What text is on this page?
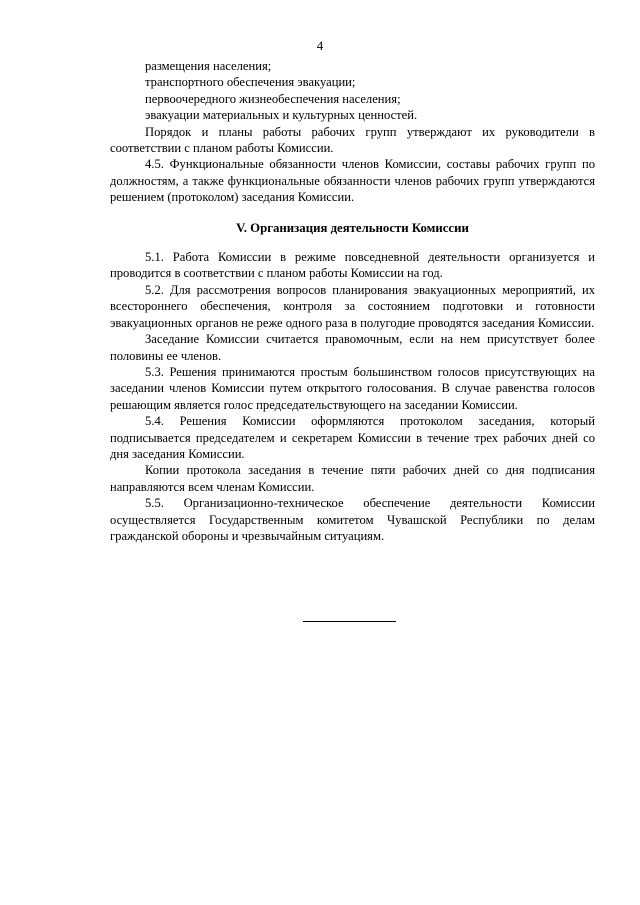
4

размещения населения;

транспортного обеспечения эвакуации;

первоочередного жизнеобеспечения населения;

эвакуации материальных и культурных ценностей.

Порядок и планы работы рабочих групп утверждают их руководители в соответствии с планом работы Комиссии.

4.5. Функциональные обязанности членов Комиссии, составы рабочих групп по должностям, а также функциональные обязанности членов рабочих групп утверждаются решением (протоколом) заседания Комиссии.

V. Организация деятельности Комиссии

5.1. Работа Комиссии в режиме повседневной деятельности организуется и проводится в соответствии с планом работы Комиссии на год.

5.2. Для рассмотрения вопросов планирования эвакуационных мероприятий, их всестороннего обеспечения, контроля за состоянием подготовки и готовности эвакуационных органов не реже одного раза в полугодие проводятся заседания Комиссии.

Заседание Комиссии считается правомочным, если на нем присутствует более половины ее членов.

5.3. Решения принимаются простым большинством голосов присутствующих на заседании членов Комиссии путем открытого голосования. В случае равенства голосов решающим является голос председательствующего на заседании Комиссии.

5.4. Решения Комиссии оформляются протоколом заседания, который подписывается председателем и секретарем Комиссии в течение трех рабочих дней со дня заседания Комиссии.

Копии протокола заседания в течение пяти рабочих дней со дня подписания направляются всем членам Комиссии.

5.5. Организационно-техническое обеспечение деятельности Комиссии осуществляется Государственным комитетом Чувашской Республики по делам гражданской обороны и чрезвычайным ситуациям.
